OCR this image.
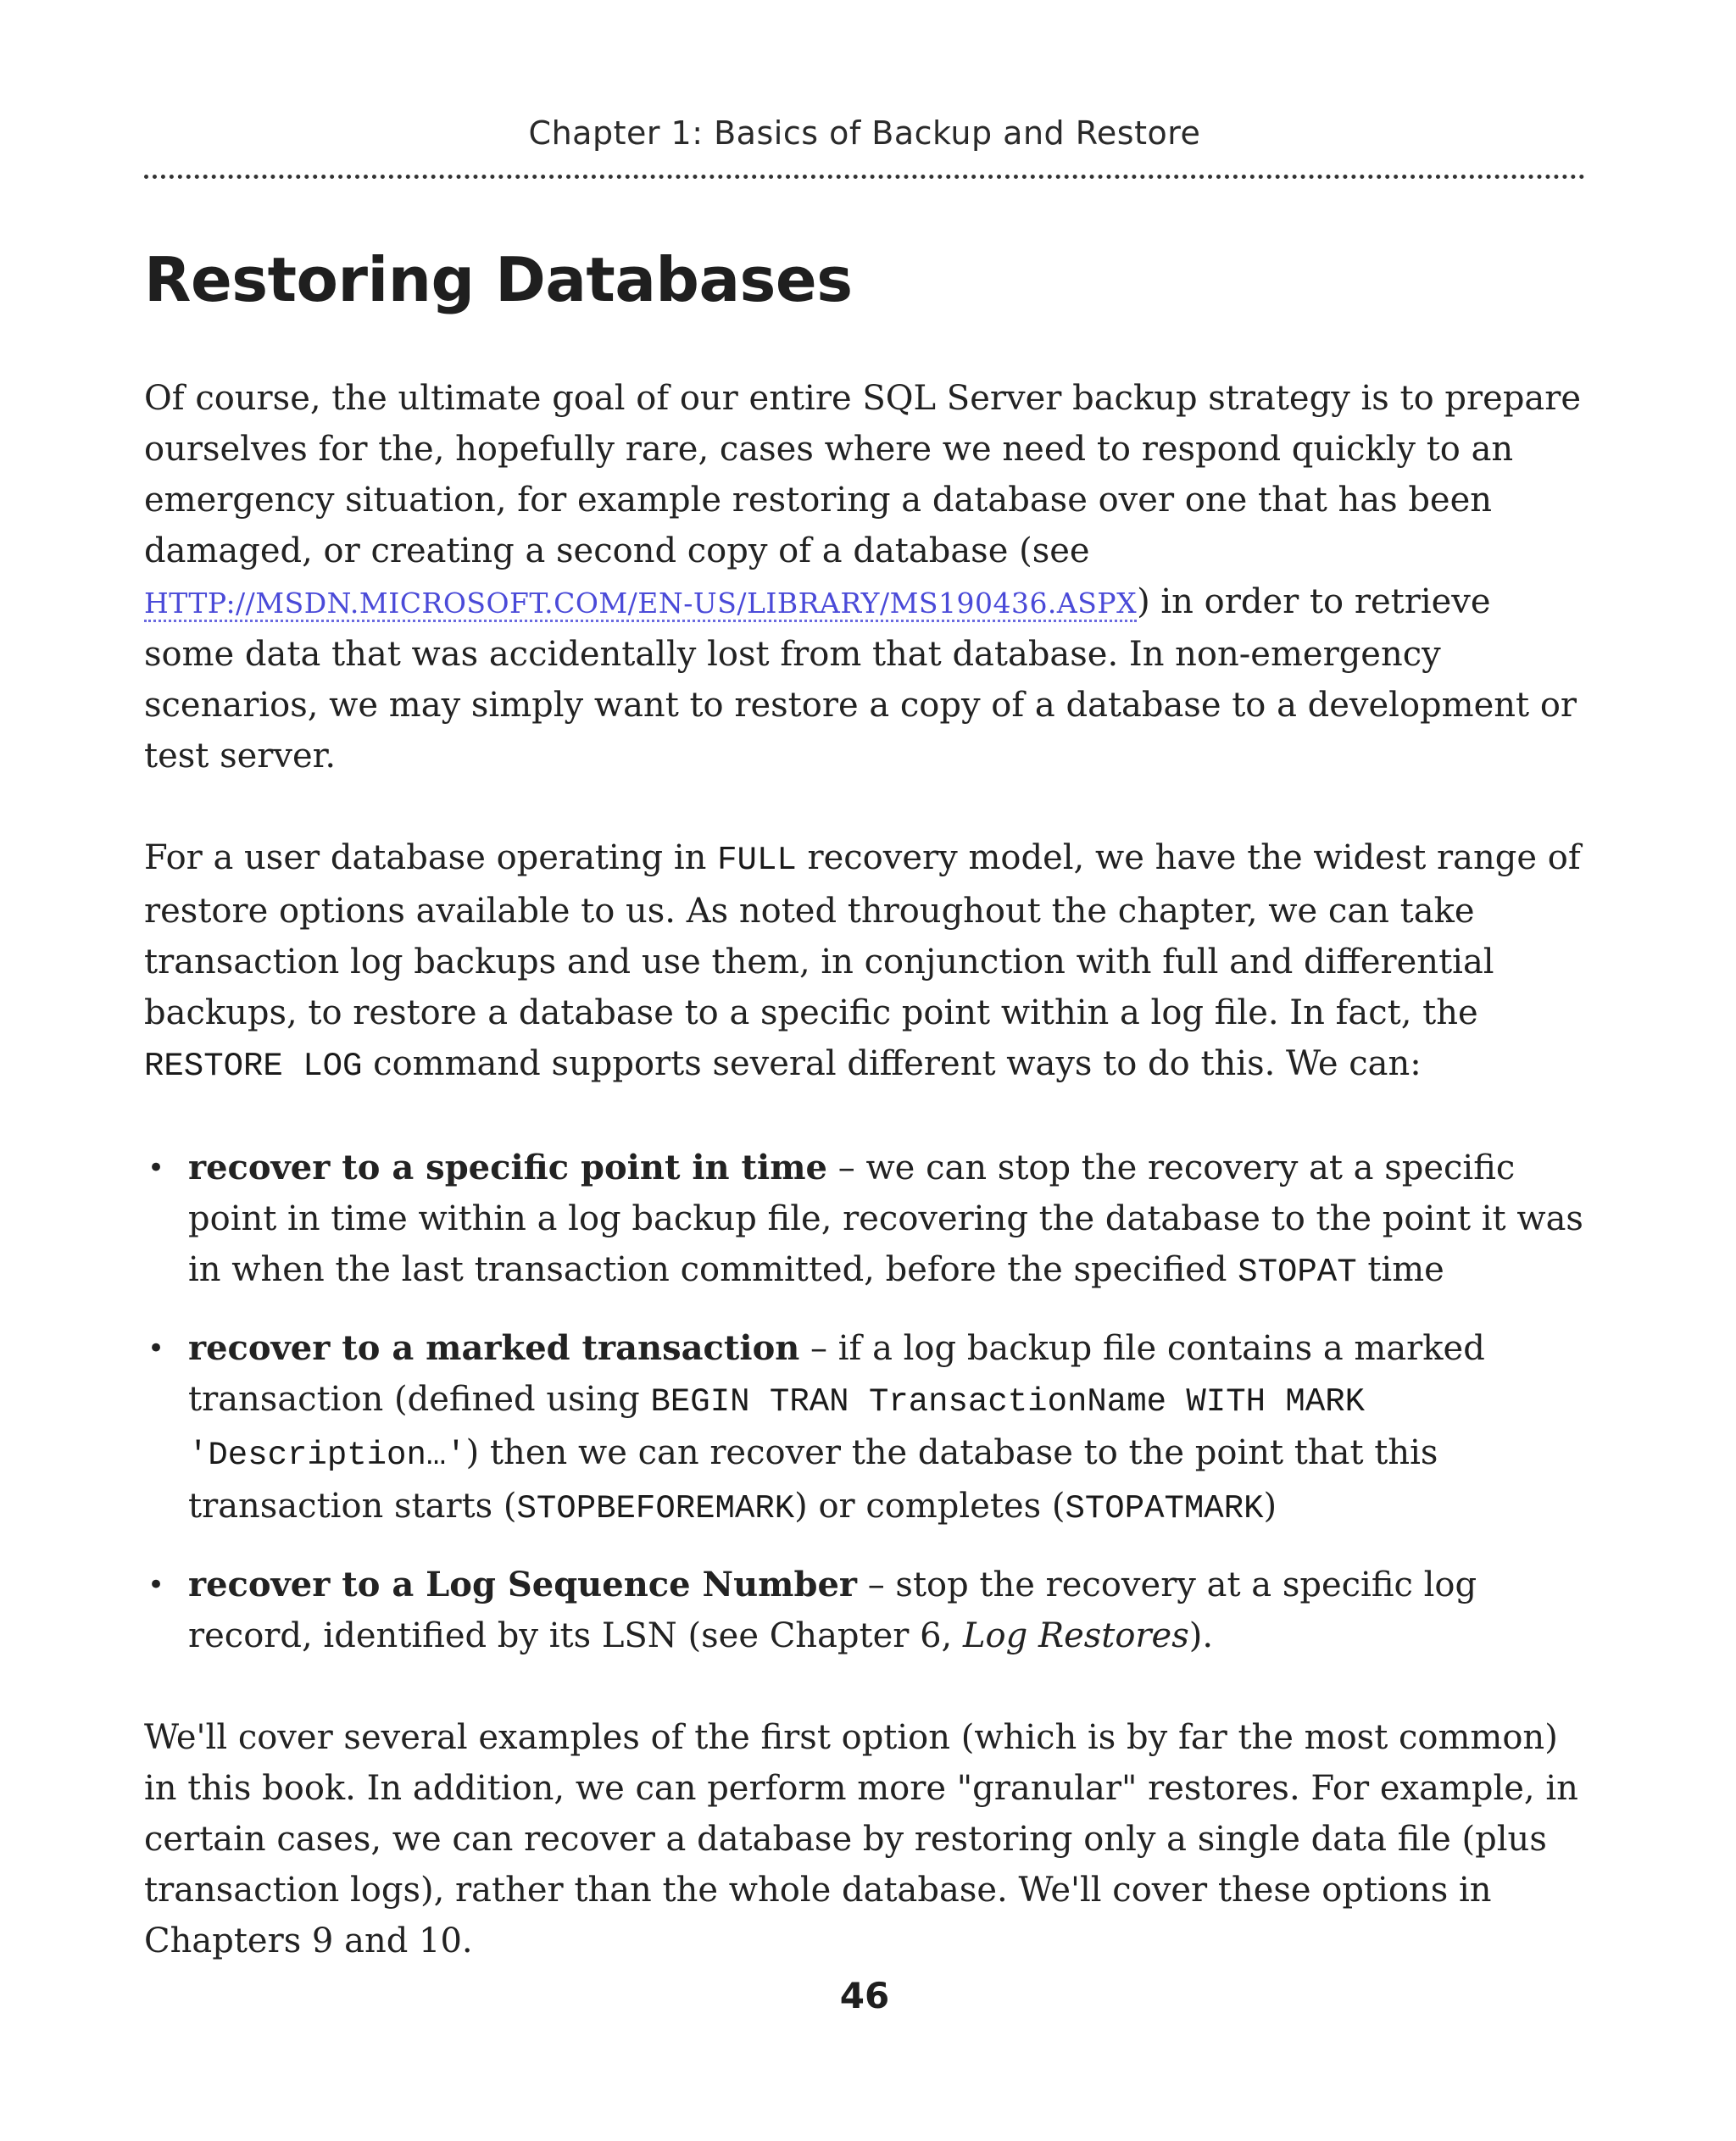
Chapter 1: Basics of Backup and Restore
Restoring Databases

Of course, the ultimate goal of our entire SQL Server backup strategy is to prepare ourselves for the, hopefully rare, cases where we need to respond quickly to an emergency situation, for example restoring a database over one that has been damaged, or creating a second copy of a database (see HTTP://MSDN.MICROSOFT.COM/EN-US/LIBRARY/MS190436.ASPX) in order to retrieve some data that was accidentally lost from that database. In non-emergency scenarios, we may simply want to restore a copy of a database to a development or test server.

For a user database operating in FULL recovery model, we have the widest range of restore options available to us. As noted throughout the chapter, we can take transaction log backups and use them, in conjunction with full and differential backups, to restore a database to a specific point within a log file. In fact, the RESTORE LOG command supports several different ways to do this. We can:

• recover to a specific point in time – we can stop the recovery at a specific point in time within a log backup file, recovering the database to the point it was in when the last transaction committed, before the specified STOPAT time
• recover to a marked transaction – if a log backup file contains a marked transaction (defined using BEGIN TRAN TransactionName WITH MARK 'Description…') then we can recover the database to the point that this transaction starts (STOPBEFOREMARK) or completes (STOPATMARK)
• recover to a Log Sequence Number – stop the recovery at a specific log record, identified by its LSN (see Chapter 6, Log Restores).

We'll cover several examples of the first option (which is by far the most common) in this book. In addition, we can perform more "granular" restores. For example, in certain cases, we can recover a database by restoring only a single data file (plus transaction logs), rather than the whole database. We'll cover these options in Chapters 9 and 10.

46
